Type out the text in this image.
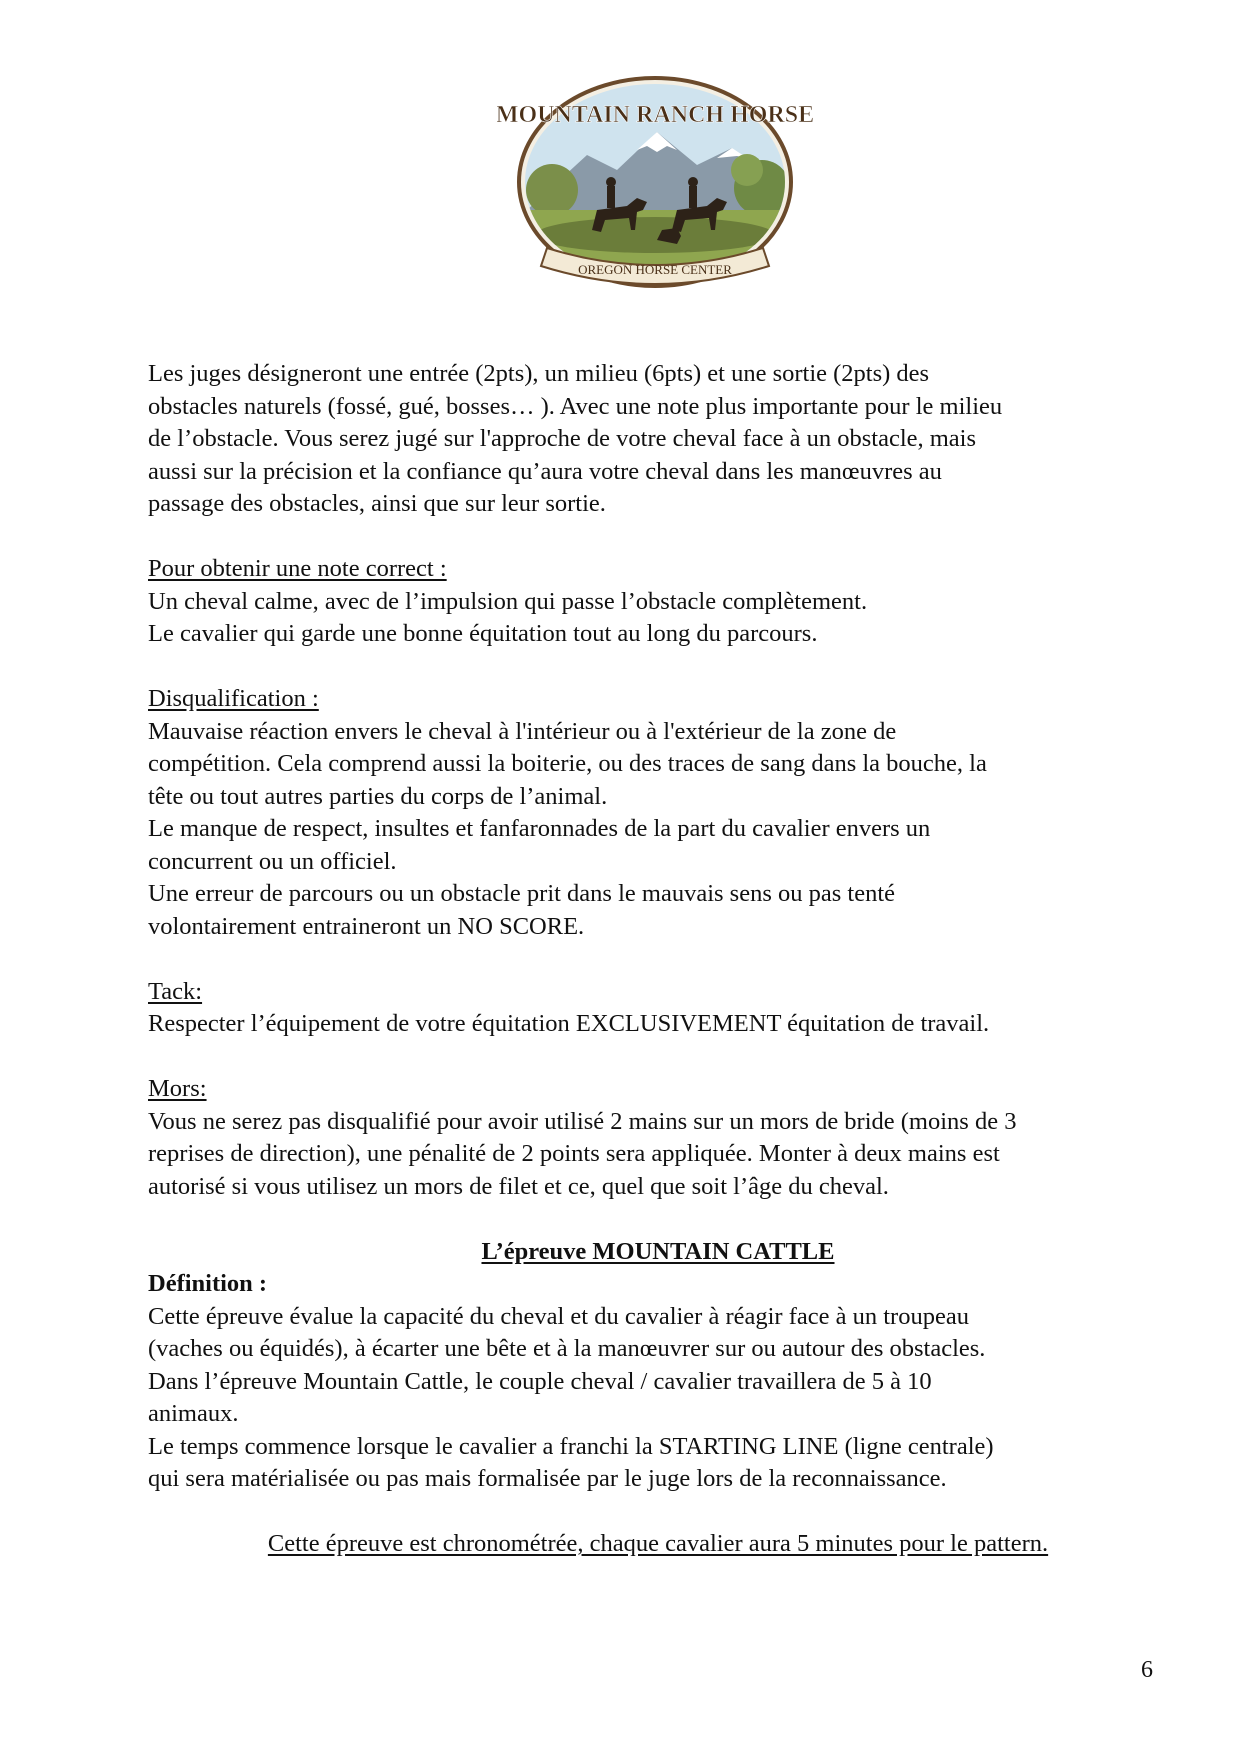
MOUNTAIN RANCH HORSE
OREGON HORSE CENTER

Les juges désigneront une entrée (2pts), un milieu (6pts) et une sortie (2pts) des

obstacles naturels (fossé, gué, bosses… ). Avec une note plus importante pour le milieu

de l’obstacle. Vous serez jugé sur l'approche de votre cheval face à un obstacle, mais

aussi sur la précision et la confiance qu’aura votre cheval dans les manœuvres au

passage des obstacles, ainsi que sur leur sortie.

Pour obtenir une note correct :

Un cheval calme, avec de l’impulsion qui passe l’obstacle complètement.

Le cavalier qui garde une bonne équitation tout au long du parcours.

Disqualification :

Mauvaise réaction envers le cheval à l'intérieur ou à l'extérieur de la zone de

compétition. Cela comprend aussi la boiterie, ou des traces de sang dans la bouche, la

tête ou tout autres parties du corps de l’animal.

Le manque de respect, insultes et fanfaronnades de la part du cavalier envers un

concurrent ou un officiel.

Une erreur de parcours ou un obstacle prit dans le mauvais sens ou pas tenté

volontairement entraineront un NO SCORE.

Tack:

Respecter l’équipement de votre équitation EXCLUSIVEMENT équitation de travail.

Mors:

Vous ne serez pas disqualifié pour avoir utilisé 2 mains sur un mors de bride (moins de 3

reprises de direction), une pénalité de 2 points sera appliquée. Monter à deux mains est

autorisé si vous utilisez un mors de filet et ce, quel que soit l’âge du cheval.

L’épreuve MOUNTAIN CATTLE

Définition :

Cette épreuve évalue la capacité du cheval et du cavalier à réagir face à un troupeau

(vaches ou équidés), à écarter une bête et à la manœuvrer sur ou autour des obstacles.

Dans l’épreuve Mountain Cattle, le couple cheval / cavalier travaillera de 5 à 10

animaux.

Le temps commence lorsque le cavalier a franchi la STARTING LINE (ligne centrale)

qui sera matérialisée ou pas mais formalisée par le juge lors de la reconnaissance.

Cette épreuve est chronométrée, chaque cavalier aura 5 minutes pour le pattern.

6
